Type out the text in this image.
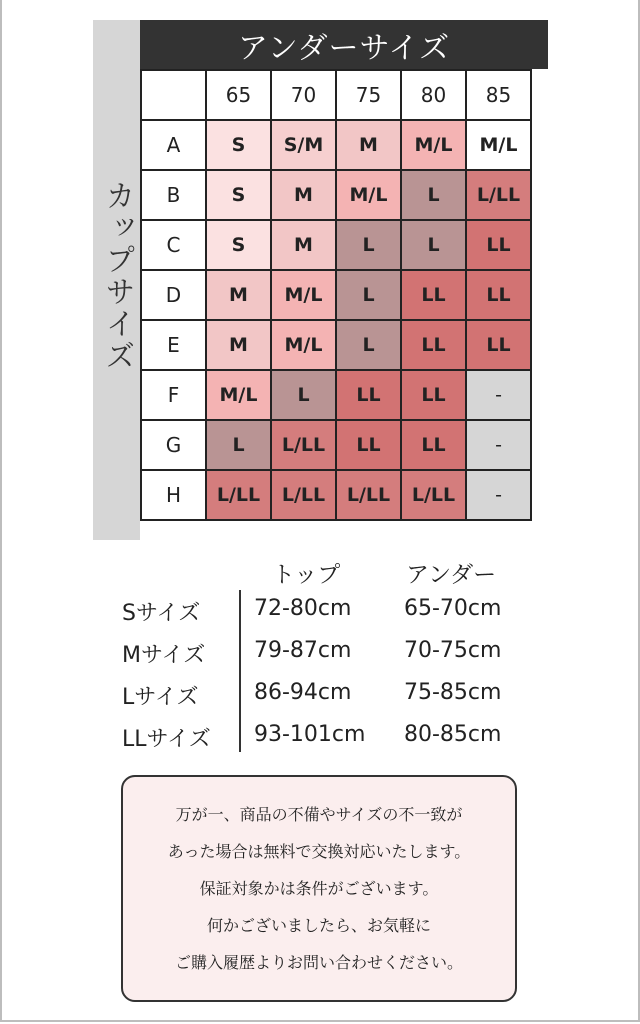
カップサイズ
アンダーサイズ
	65	70	75	80	85
A	S	S/M	M	M/L	M/L
B	S	M	M/L	L	L/LL
C	S	M	L	L	LL
D	M	M/L	L	LL	LL
E	M	M/L	L	LL	LL
F	M/L	L	LL	LL	-
G	L	L/LL	LL	LL	-
H	L/LL	L/LL	L/LL	L/LL	-
トップ	アンダー
Sサイズ 72-80cm 65-70cm
Mサイズ 79-87cm 70-75cm
Lサイズ	86-94cm 75-85cm
LLサイズ 93-101cm 80-85cm
万が一、商品の不備やサイズの不一致が
あった場合は無料で交換対応いたします。
保証対象かは条件がございます。
何かございましたら、お気軽に
ご購入履歴よりお問い合わせください。
